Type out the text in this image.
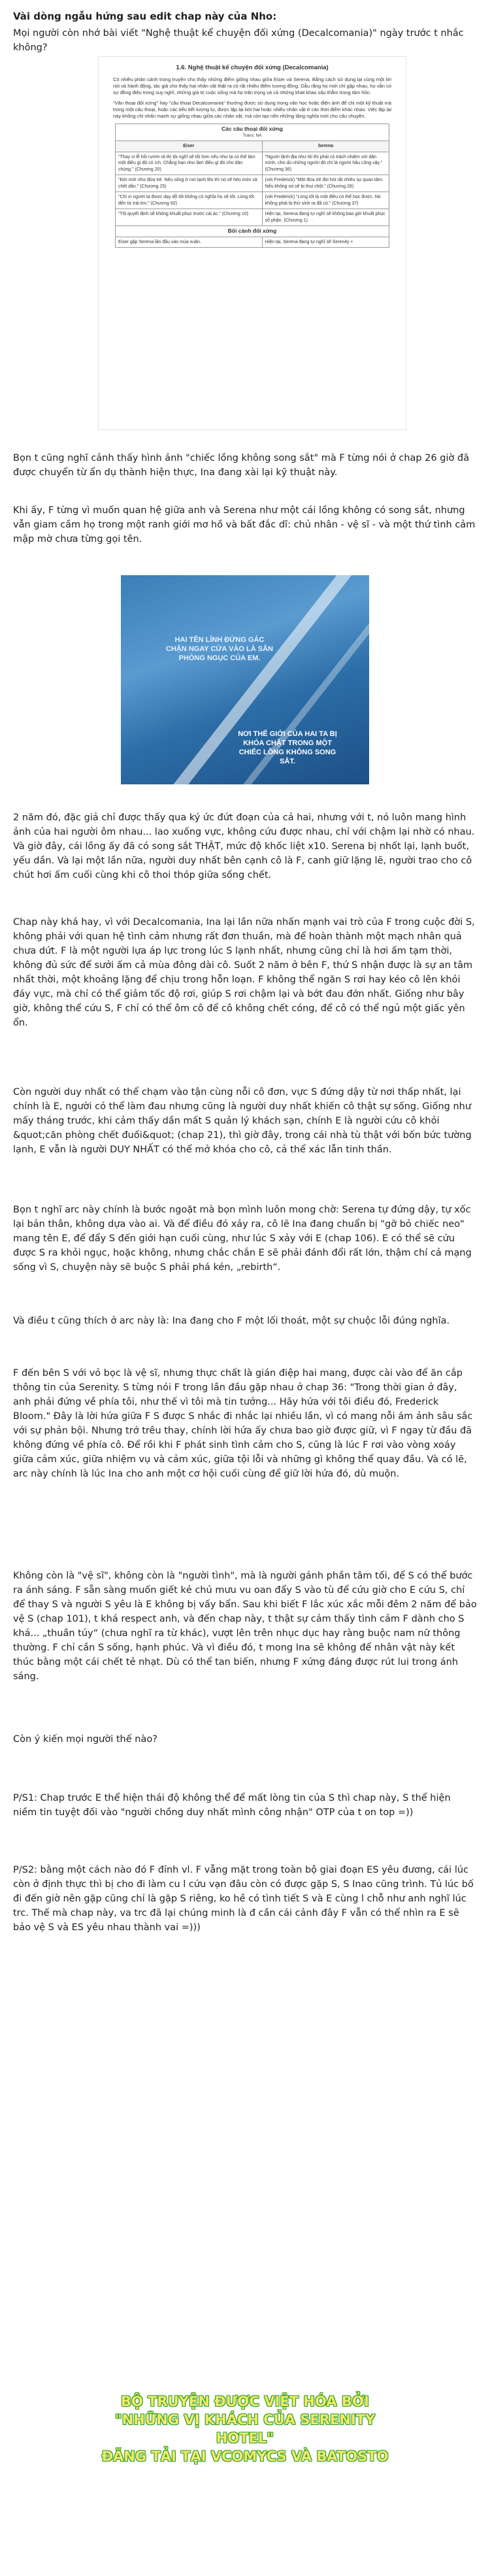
Vài dòng ngẫu hứng sau edit chap này của Nho:
Mọi người còn nhớ bài viết "Nghệ thuật kể chuyện đối xứng (Decalcomania)" ngày trước t nhắc không?
1.6. Nghệ thuật kể chuyện đối xứng (Decalcomania)
Có nhiều phân cảnh trong truyện cho thấy những điểm giống nhau giữa Eiser và Serena. Bằng cách sử dụng lại cùng một lời nói và hành động, tác giả cho thấy hai nhân vật thật ra có rất nhiều điểm tương đồng. Dẫu rằng họ mới chỉ gặp nhau, họ vẫn có sự đồng điệu trong suy nghĩ, những giá trị cuộc sống mà họ trân trọng và cả những khát khao sâu thẳm trong tâm hồn.
"Văn thoại đối xứng" hay "câu thoại Decalcomania" thường được sử dụng trong văn học hoặc điện ảnh để chỉ một kỹ thuật mà trong một câu thoại, hoặc các tiểu tiết lượng lự, được lặp lại bởi hai hoặc nhiều nhân vật ở các thời điểm khác nhau. Việc lặp lại này không chỉ nhấn mạnh sự giống nhau giữa các nhân vật, mà còn tạo nên những tầng nghĩa mới cho câu chuyện.
Các câu thoại đối xứng
Trans: NA	

Eiser	Serena
"Thay vì lễ hồi rườm rà thì tôi nghĩ sẽ tốt hơn nếu như ta có thể làm một điều gì đó có ích. Chẳng hạn như làm điều gì đó cho dân chúng." (Chương 20)	"Người lãnh địa như tôi thì phải có trách nhiệm với dân mình, cho dù những người đó chỉ là người hầu cũng vậy." (Chương 36)
"Đời mới như đứa trẻ. Nếu sống ở nơi lạnh lẽo thì nó sẽ héo mòn và chết dần." (Chương 25)	(với Frederick) "Một đứa trẻ đòi hỏi rất nhiều sự quan tâm. Nếu không nó sẽ bị thui chột." (Chương 28)
"Chỉ vì người ta được dạy dỗ tốt không có nghĩa họ sẽ tốt. Lòng tốt đến từ trái tim." (Chương 92)	(với Frederick) "Lòng tốt là một điều có thể học được. Nó không phải là thứ sinh ra đã có." (Chương 37)
"Tôi quyết định sẽ không khuất phục trước cái ác." (Chương 10)	Hiện tại, Serena đang tự nghĩ sẽ không bao giờ khuất phục số phận. (Chương 1)
Bối cảnh đối xứng	
Eiser gặp Serena lần đầu vào mùa xuân.	Hiện tại, Serena đang tự nghĩ sẽ Serenity +
Bọn t cũng nghĩ cảnh thấy hình ảnh "chiếc lồng không song sắt" mà F từng nói ở chap 26 giờ đã được chuyển từ ẩn dụ thành hiện thực, Ina đang xài lại kỹ thuật này.
Khi ấy, F từng vì muốn quan hệ giữa anh và Serena như một cái lồng không có song sắt, nhưng vẫn giam cầm họ trong một ranh giới mơ hồ và bất đắc dĩ: chủ nhân - vệ sĩ - và một thứ tình cảm mập mờ chưa từng gọi tên.
HAI TÊN LÍNH ĐỨNG GÁC CHẶN NGAY CỬA VÀO LÀ SĂN PHÒNG NGỤC CỦA EM.
NƠI THẾ GIỚI CỦA HAI TA BỊ KHÓA CHẶT TRONG MỘT CHIẾC LỒNG KHÔNG SONG SẮT.
2 năm đó, đặc giả chỉ được thấy qua ký ức đứt đoạn của cả hai, nhưng với t, nó luôn mang hình ảnh của hai người ôm nhau... lao xuống vực, không cứu được nhau, chỉ với chậm lại nhờ có nhau. Và giờ đây, cái lồng ấy đã có song sắt THẬT, mức độ khốc liệt x10. Serena bị nhốt lại, lạnh buốt, yếu dần. Và lại một lần nữa, người duy nhất bên cạnh cô là F, canh giữ lặng lẽ, người trao cho cô chút hơi ấm cuối cùng khi cô thoi thóp giữa sống chết.
Chap này khá hay, vì với Decalcomania, Ina lại lần nữa nhấn mạnh vai trò của F trong cuộc đời S, không phải với quan hệ tình cảm nhưng rất đơn thuần, mà để hoàn thành một mạch nhân quả chưa dứt. F là một người lựa áp lực trong lúc S lạnh nhất, nhưng cũng chỉ là hơi ấm tạm thời, không đủ sức để sưởi ấm cả mùa đông dài cô. Suốt 2 năm ở bên F, thứ S nhận được là sự an tâm nhất thời, một khoảng lặng để chịu trong hỗn loạn. F không thể ngăn S rơi hay kéo cô lên khỏi đáy vực, mà chỉ có thể giảm tốc độ rơi, giúp S rơi chậm lại và bớt đau đớn nhất. Giống như bây giờ, không thể cứu S, F chỉ có thể ôm cô để cô không chết cóng, để cô có thể ngủ một giấc yên ổn.
Còn người duy nhất có thể chạm vào tận cùng nỗi cô đơn, vực S đứng dậy từ nơi thấp nhất, lại chính là E, người có thể làm đau nhưng cũng là người duy nhất khiến cô thật sự sống. Giống như mấy tháng trước, khi cảm thấy dần mất S quản lý khách sạn, chính E là người cứu cô khỏi &quot;căn phòng chết đuối&quot; (chap 21), thì giờ đây, trong cái nhà tù thật với bốn bức tường lạnh, E vẫn là người DUY NHẤT có thể mở khóa cho cô, cả thể xác lẫn tinh thần.
Bọn t nghĩ arc này chính là bước ngoặt mà bọn mình luôn mong chờ: Serena tự đứng dậy, tự xốc lại bản thân, không dựa vào ai. Và để điều đó xảy ra, cô lẽ Ina đang chuẩn bị "gỡ bỏ chiếc neo" mang tên E, để đẩy S đến giới hạn cuối cùng, như lúc S xảy với E (chap 106). E có thể sẽ cứu được S ra khỏi ngục, hoặc không, nhưng chắc chắn E sẽ phải đánh đổi rất lớn, thậm chí cả mạng sống vì S, chuyện này sẽ buộc S phải phá kén, „rebirth“.
Và điều t cũng thích ở arc này là: Ina đang cho F một lối thoát, một sự chuộc lỗi đúng nghĩa.
F đến bên S với vỏ bọc là vệ sĩ, nhưng thực chất là gián điệp hai mang, được cài vào để ăn cắp thông tin của Serenity. S từng nói F trong lần đầu gặp nhau ở chap 36: "Trong thời gian ở đây, anh phải đứng về phía tôi, như thế vì tôi mà tin tưởng... Hãy hứa với tôi điều đó, Frederick Bloom." Đây là lời hứa giữa F S được S nhắc đi nhắc lại nhiều lần, vì có mang nỗi ám ảnh sâu sắc với sự phản bội. Nhưng trớ trêu thay, chính lời hứa ấy chưa bao giờ được giữ, vì F ngay từ đầu đã không đứng về phía cô. Để rồi khi F phát sinh tình cảm cho S, cũng là lúc F rơi vào vòng xoáy giữa cảm xúc, giữa nhiệm vụ và cảm xúc, giữa tội lỗi và những gì không thể quay đầu. Và có lẽ, arc này chính là lúc Ina cho anh một cơ hội cuối cùng để giữ lời hứa đó, dù muộn.
Không còn là "vệ sĩ", không còn là "người tình", mà là người gánh phần tâm tối, để S có thể bước ra ánh sáng. F sẵn sàng muốn giết kẻ chủ mưu vu oan đẩy S vào tù để cứu giờ cho E cứu S, chỉ để thay S và người S yêu là E không bị vấy bẩn. Sau khi biết F lắc xúc xắc mỗi đêm 2 năm để bảo vệ S (chap 101), t khá respect anh, và đến chap này, t thật sự cảm thấy tình cảm F dành cho S khá... „thuần túy“ (chưa nghĩ ra từ khác), vượt lên trên nhục dục hay ràng buộc nam nữ thông thường. F chỉ cần S sống, hạnh phúc. Và vì điều đó, t mong Ina sẽ không để nhân vật này kết thúc bằng một cái chết tẻ nhạt. Dù có thể tan biến, nhưng F xứng đáng được rút lui trong ánh sáng.
Còn ý kiến mọi người thế nào?
P/S1: Chap trước E thể hiện thái độ không thể để mất lòng tin của S thì chap này, S thể hiện niềm tin tuyệt đối vào "người chồng duy nhất mình công nhận" OTP của t on top =))
P/S2: bằng một cách nào đó F đỉnh vl. F vẫng mặt trong toàn bộ giai đoạn ES yêu đương, cái lúc còn ở định thực thì bị cho đi làm cu l cứu vạn đâu còn có được gặp S, S Inao cũng trình. Tủ lúc bố đi đến giờ nên gặp cũng chỉ là gặp S riêng, ko hề có tình tiết S và E cùng l chỗ như anh nghĩ lúc trc. Thế mà chap này, va trc đã lại chúng minh là đ cần cái cảnh đây F vẫn có thể nhìn ra E sẽ bảo vệ S và ES yêu nhau thành vai =)))
BỘ TRUYỆN ĐƯỢC VIỆT HÓA BỞI
"NHỮNG VỊ KHÁCH CỦA SERENITY HOTEL"
ĐĂNG TẢI TẠI VCOMYCS VÀ BATOSTO
